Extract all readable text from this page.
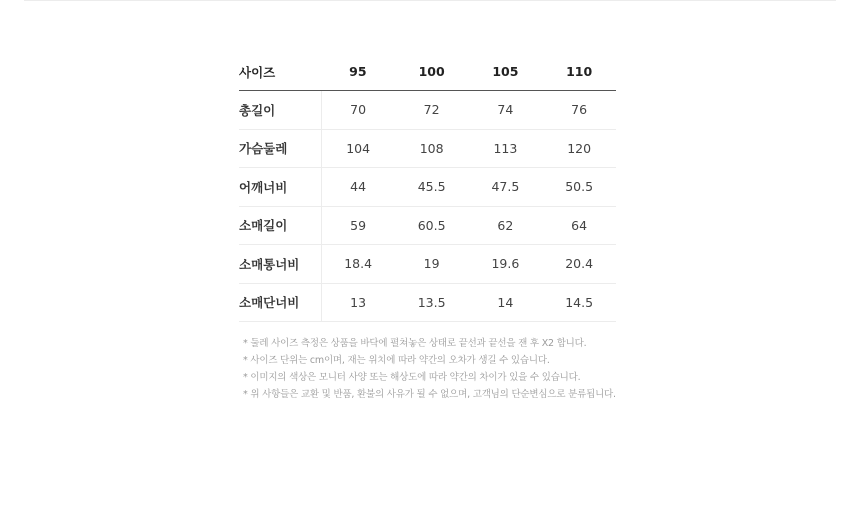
사이즈	95	100	105	110
총길이	70	72	74	76
가슴둘레	104	108	113	120
어깨너비	44	45.5	47.5	50.5
소매길이	59	60.5	62	64
소매통너비	18.4	19	19.6	20.4
소매단너비	13	13.5	14	14.5
* 둘레 사이즈 측정은 상품을 바닥에 펼쳐놓은 상태로 끝선과 끝선을 잰 후 X2 합니다.
* 사이즈 단위는 cm이며, 재는 위치에 따라 약간의 오차가 생길 수 있습니다.
* 이미지의 색상은 모니터 사양 또는 해상도에 따라 약간의 차이가 있을 수 있습니다.
* 위 사항들은 교환 및 반품, 환불의 사유가 될 수 없으며, 고객님의 단순변심으로 분류됩니다.
